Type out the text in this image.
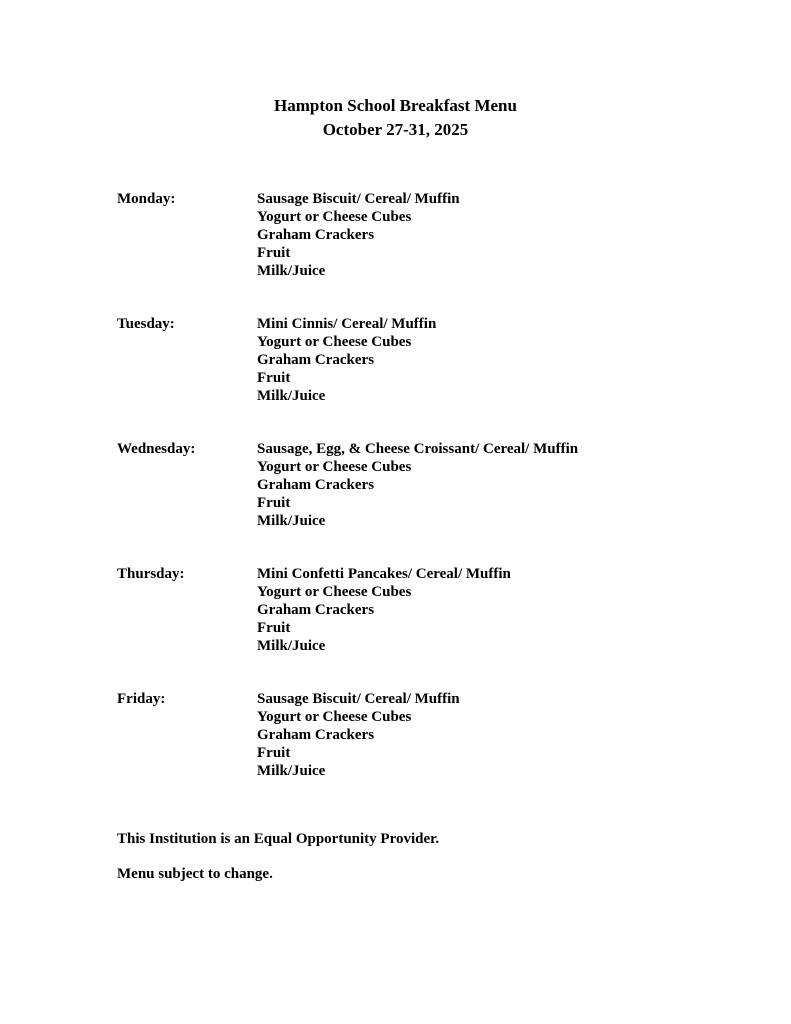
Hampton School Breakfast Menu
October 27-31, 2025
Monday:	Sausage Biscuit/ Cereal/ Muffin
Yogurt or Cheese Cubes
Graham Crackers
Fruit
Milk/Juice
Tuesday:	Mini Cinnis/ Cereal/ Muffin
Yogurt or Cheese Cubes
Graham Crackers
Fruit
Milk/Juice
Wednesday:	Sausage, Egg, & Cheese Croissant/ Cereal/ Muffin
Yogurt or Cheese Cubes
Graham Crackers
Fruit
Milk/Juice
Thursday:	Mini Confetti Pancakes/ Cereal/ Muffin
Yogurt or Cheese Cubes
Graham Crackers
Fruit
Milk/Juice
Friday:	Sausage Biscuit/ Cereal/ Muffin
Yogurt or Cheese Cubes
Graham Crackers
Fruit
Milk/Juice

This Institution is an Equal Opportunity Provider.

Menu subject to change.
